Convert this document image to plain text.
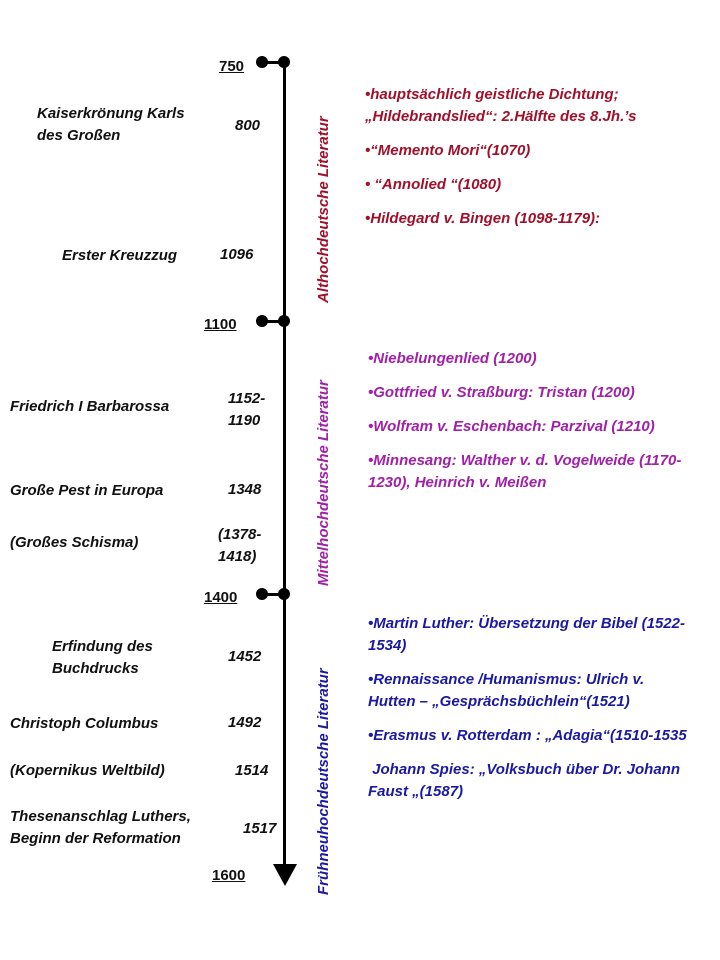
750
800
1096
1100
1152-
1190
1348
(1378-
1418)
1400
1452
1492
1514
1517
1600
Kaiserkrönung Karls
des Großen
Erster Kreuzzug
Friedrich I Barbarossa
Große Pest in Europa
(Großes Schisma)
Erfindung des
Buchdrucks
Christoph Columbus
(Kopernikus Weltbild)
Thesenanschlag Luthers,
Beginn der Reformation
Althochdeutsche Literatur
Mittelhochdeutsche Literatur
Frühneuhochdeutsche Literatur

•hauptsächlich geistliche Dichtung; „Hildebrandslied“: 2.Hälfte des 8.Jh.’s

•“Memento Mori“(1070)

• “Annolied “(1080)

•Hildegard v. Bingen (1098-1179):

•Niebelungenlied (1200)

•Gottfried v. Straßburg: Tristan (1200)

•Wolfram v. Eschenbach: Parzival (1210)

•Minnesang: Walther v. d. Vogelweide (1170-1230), Heinrich v. Meißen

•Martin Luther: Übersetzung der Bibel (1522-1534)

•Rennaissance /Humanismus: Ulrich v. Hutten – „Gesprächsbüchlein“(1521)

•Erasmus v. Rotterdam : „Adagia“(1510-1535

Johann Spies: „Volksbuch über Dr. Johann Faust „(1587)
